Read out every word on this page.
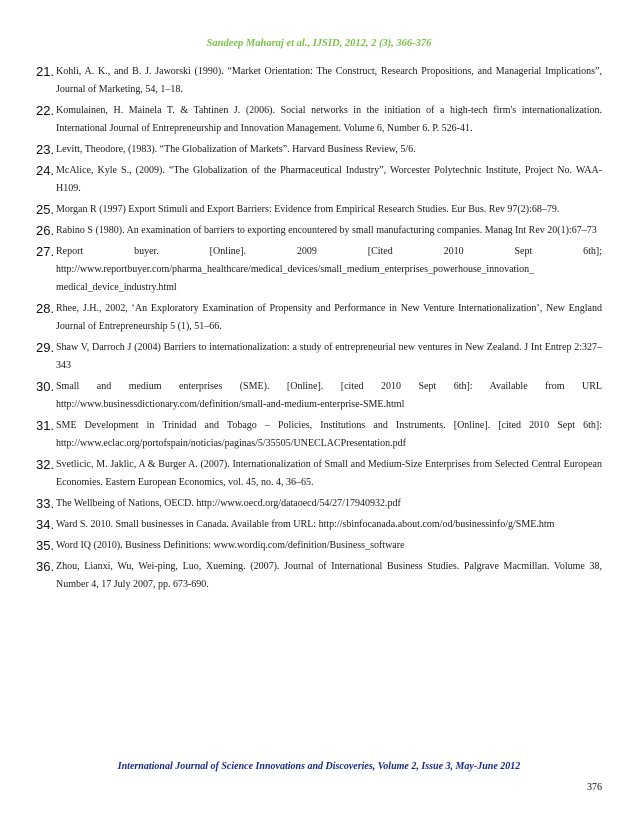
Sandeep Maharaj et al., IJSID, 2012, 2 (3), 366-376
21. Kohli, A. K., and B. J. Jaworski (1990). “Market Orientation: The Construct, Research Propositions, and Managerial Implications”, Journal of Marketing, 54, 1–18.
22. Komulainen, H. Mainela T. & Tahtinen J. (2006). Social networks in the initiation of a high-tech firm's internationalization. International Journal of Entrepreneurship and Innovation Management. Volume 6, Number 6. P. 526-41.
23. Levitt, Theodore, (1983). “The Globalization of Markets”. Harvard Business Review, 5/6.
24. McAlice, Kyle S., (2009). “The Globalization of the Pharmaceutical Industry”, Worcester Polytechnic Institute, Project No. WAA-H109.
25. Morgan R (1997) Export Stimuli and Export Barriers: Evidence from Empirical Research Studies. Eur Bus. Rev 97(2):68–79.
26. Rabino S (1980). An examination of barriers to exporting encountered by small manufacturing companies. Manag Int Rev 20(1):67–73
27. Report buyer. [Online]. 2009 [Cited 2010 Sept 6th]; http://www.reportbuyer.com/pharma_healthcare/medical_devices/small_medium_enterprises_powerhouse_innovation_ medical_device_industry.html
28. Rhee, J.H., 2002, ‘An Exploratory Examination of Propensity and Performance in New Venture Internationalization’, New England Journal of Entrepreneurship 5 (1), 51–66.
29. Shaw V, Darroch J (2004) Barriers to internationalization: a study of entrepreneurial new ventures in New Zealand. J Int Entrep 2:327–343
30. Small and medium enterprises (SME). [Online]. [cited 2010 Sept 6th]: Available from URL http://www.businessdictionary.com/definition/small-and-medium-enterprise-SME.html
31. SME Development in Trinidad and Tobago – Policies, Institutions and Instruments. [Online]. [cited 2010 Sept 6th]: http://www.eclac.org/portofspain/noticias/paginas/5/35505/UNECLACPresentation.pdf
32. Svetlicic, M. Jaklic, A & Burger A. (2007). Internationalization of Small and Medium-Size Enterprises from Selected Central European Economies. Eastern European Economics, vol. 45, no. 4, 36–65.
33. The Wellbeing of Nations, OECD. http://www.oecd.org/dataoecd/54/27/17940932.pdf
34. Ward S. 2010. Small businesses in Canada. Available from URL: http://sbinfocanada.about.com/od/businessinfo/g/SME.htm
35. Word IQ (2010). Business Definitions: www.wordiq.com/definition/Business_software
36. Zhou, Lianxi, Wu, Wei-ping, Luo, Xueming. (2007). Journal of International Business Studies. Palgrave Macmillan. Volume 38, Number 4, 17 July 2007, pp. 673-690.
International Journal of Science Innovations and Discoveries, Volume 2, Issue 3, May-June 2012
376
